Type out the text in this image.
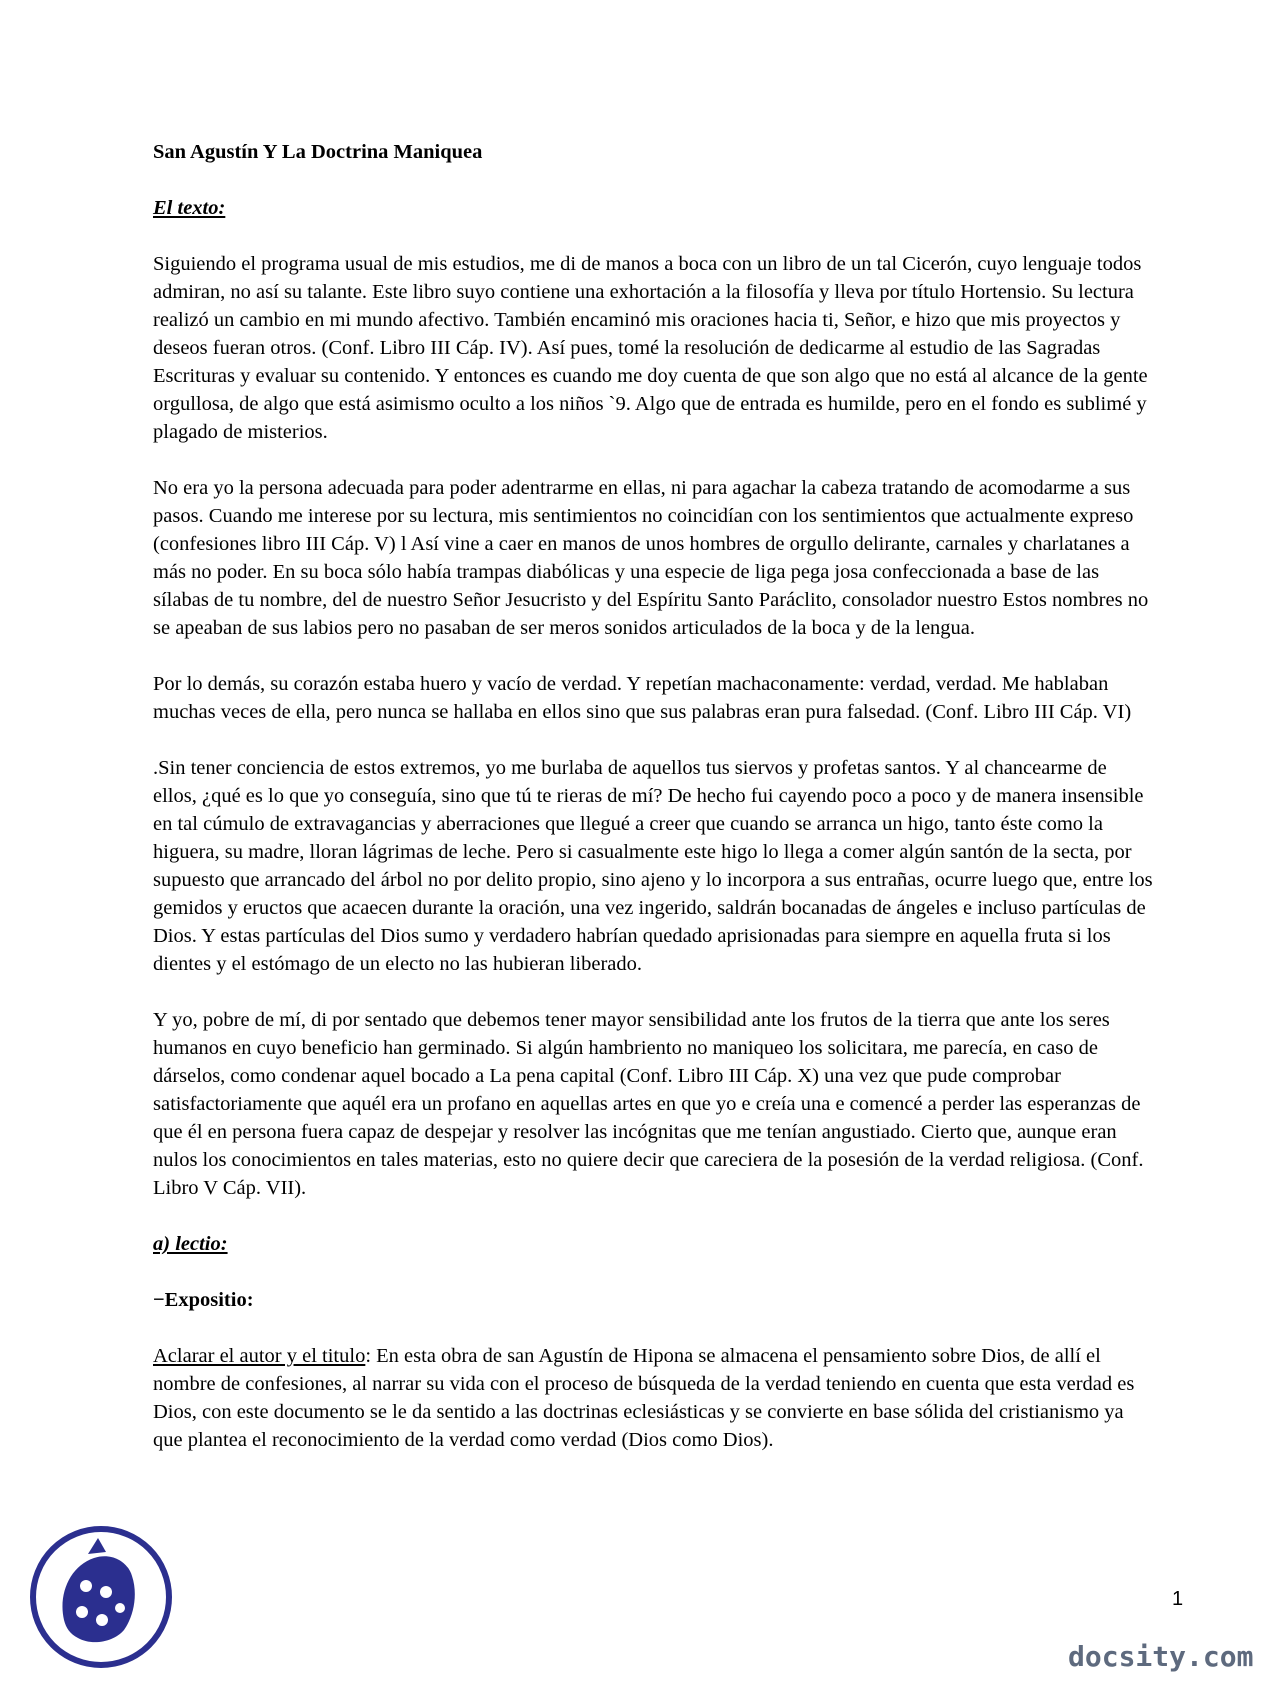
San Agustín Y La Doctrina Maniquea
El texto:

Siguiendo el programa usual de mis estudios, me di de manos a boca con un libro de un tal Cicerón, cuyo lenguaje todos admiran, no así su talante. Este libro suyo contiene una exhortación a la filosofía y lleva por título Hortensio. Su lectura realizó un cambio en mi mundo afectivo. También encaminó mis oraciones hacia ti, Señor, e hizo que mis proyectos y deseos fueran otros. (Conf. Libro III Cáp. IV). Así pues, tomé la resolución de dedicarme al estudio de las Sagradas Escrituras y evaluar su contenido. Y entonces es cuando me doy cuenta de que son algo que no está al alcance de la gente orgullosa, de algo que está asimismo oculto a los niños `9. Algo que de entrada es humilde, pero en el fondo es sublimé y plagado de misterios.

No era yo la persona adecuada para poder adentrarme en ellas, ni para agachar la cabeza tratando de acomodarme a sus pasos. Cuando me interese por su lectura, mis sentimientos no coincidían con los sentimientos que actualmente expreso (confesiones libro III Cáp. V) l Así vine a caer en manos de unos hombres de orgullo delirante, carnales y charlatanes a más no poder. En su boca sólo había trampas diabólicas y una especie de liga pega josa confeccionada a base de las sílabas de tu nombre, del de nuestro Señor Jesucristo y del Espíritu Santo Paráclito, consolador nuestro Estos nombres no se apeaban de sus labios pero no pasaban de ser meros sonidos articulados de la boca y de la lengua.

Por lo demás, su corazón estaba huero y vacío de verdad. Y repetían machaconamente: verdad, verdad. Me hablaban muchas veces de ella, pero nunca se hallaba en ellos sino que sus palabras eran pura falsedad. (Conf. Libro III Cáp. VI)

.Sin tener conciencia de estos extremos, yo me burlaba de aquellos tus siervos y profetas santos. Y al chancearme de ellos, ¿qué es lo que yo conseguía, sino que tú te rieras de mí? De hecho fui cayendo poco a poco y de manera insensible en tal cúmulo de extravagancias y aberraciones que llegué a creer que cuando se arranca un higo, tanto éste como la higuera, su madre, lloran lágrimas de leche. Pero si casualmente este higo lo llega a comer algún santón de la secta, por supuesto que arrancado del árbol no por delito propio, sino ajeno y lo incorpora a sus entrañas, ocurre luego que, entre los gemidos y eructos que acaecen durante la oración, una vez ingerido, saldrán bocanadas de ángeles e incluso partículas de Dios. Y estas partículas del Dios sumo y verdadero habrían quedado aprisionadas para siempre en aquella fruta si los dientes y el estómago de un electo no las hubieran liberado.

Y yo, pobre de mí, di por sentado que debemos tener mayor sensibilidad ante los frutos de la tierra que ante los seres humanos en cuyo beneficio han germinado. Si algún hambriento no maniqueo los solicitara, me parecía, en caso de dárselos, como condenar aquel bocado a La pena capital (Conf. Libro III Cáp. X) una vez que pude comprobar satisfactoriamente que aquél era un profano en aquellas artes en que yo e creía una e comencé a perder las esperanzas de que él en persona fuera capaz de despejar y resolver las incógnitas que me tenían angustiado. Cierto que, aunque eran nulos los conocimientos en tales materias, esto no quiere decir que careciera de la posesión de la verdad religiosa. (Conf. Libro V Cáp. VII).

a) lectio:
−Expositio:

Aclarar el autor y el titulo: En esta obra de san Agustín de Hipona se almacena el pensamiento sobre Dios, de allí el nombre de confesiones, al narrar su vida con el proceso de búsqueda de la verdad teniendo en cuenta que esta verdad es Dios, con este documento se le da sentido a las doctrinas eclesiásticas y se convierte en base sólida del cristianismo ya que plantea el reconocimiento de la verdad como verdad (Dios como Dios).

1
docsity.com
